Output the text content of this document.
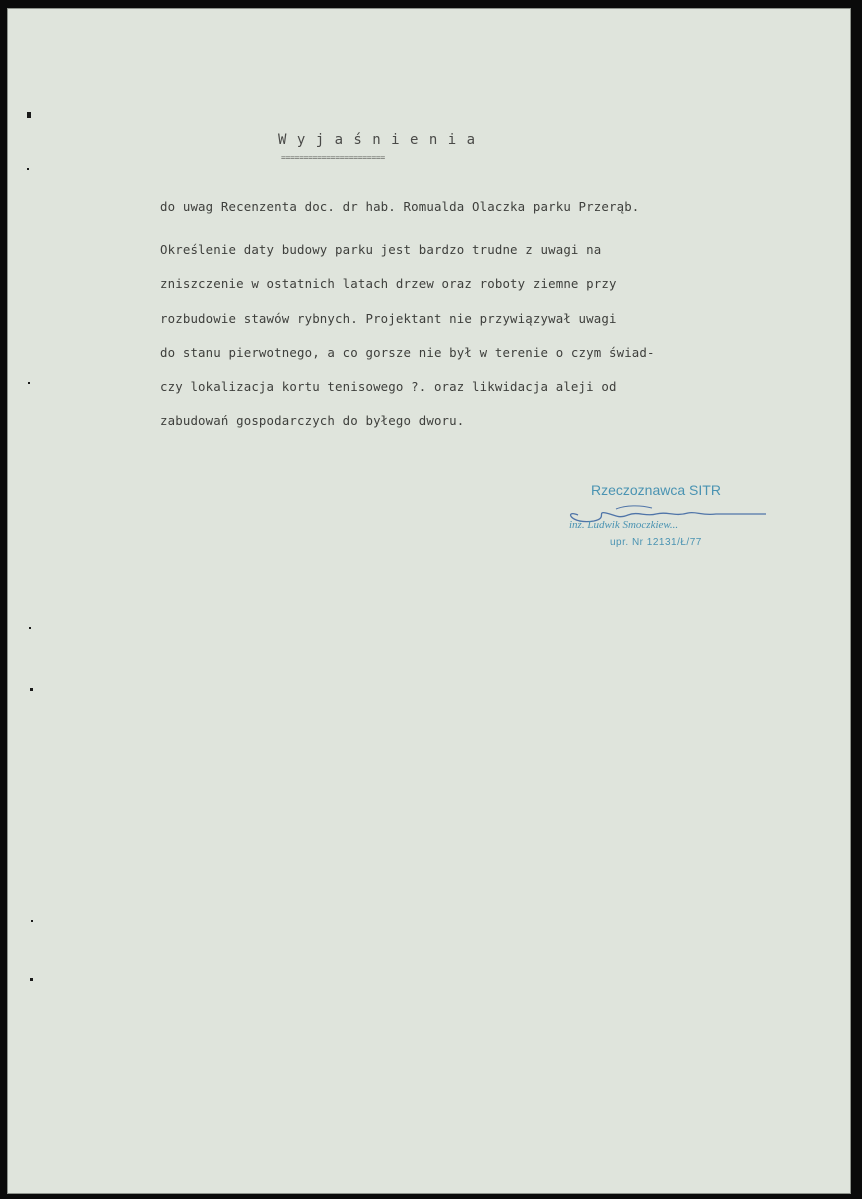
W y j a ś n i e n i a
=======================
do uwag Recenzenta doc. dr hab. Romualda Olaczka parku Przerąb.
Określenie daty budowy parku jest bardzo trudne z uwagi na
zniszczenie w ostatnich latach drzew oraz roboty ziemne przy
rozbudowie stawów rybnych. Projektant nie przywiązywał uwagi
do stanu pierwotnego, a co gorsze nie był w terenie o czym świad-
czy lokalizacja kortu tenisowego ?. oraz likwidacja alejі od
zabudowań gospodarczych do byłego dworu.
Rzeczoznawca SITR
inż. Ludwik Smoczkiew...
upr. Nr 12131/Ł/77
